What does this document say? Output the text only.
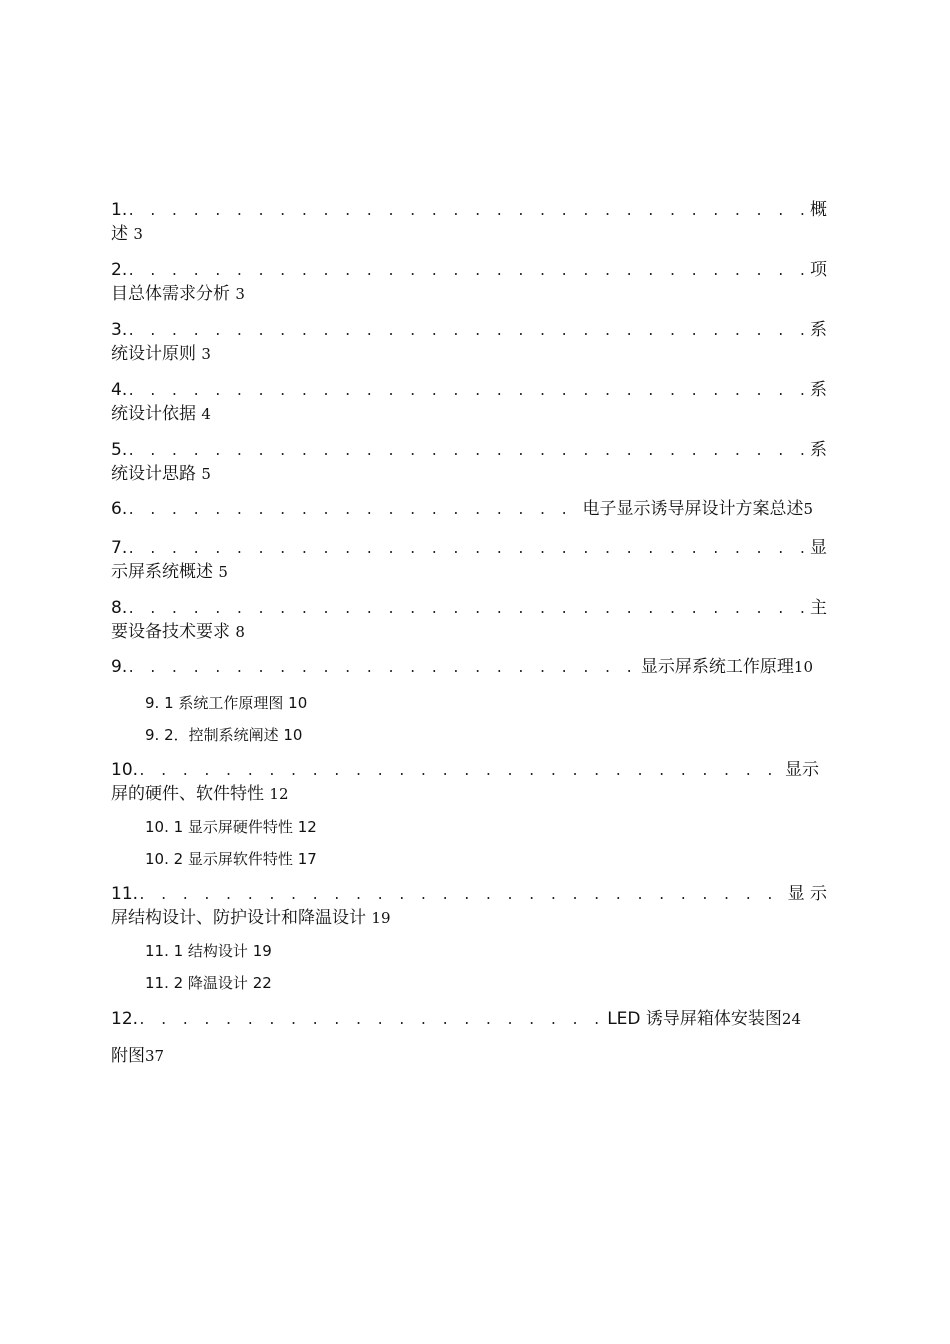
1. . . .	概
述 3
2. . . .	项
目总体需求分析 3
3. . . .	系
统设计原则 3
4. . . .	系
统设计依据 4
5. . . .	系
统设计思路 5
6. . . .	电子显示诱导屏设计方案总述5
7. . . .	显
示屏系统概述 5
8. . . .	主
要设备技术要求 8
9. . . .	显示屏系统工作原理10
9. 1 系统工作原理图 10
9. 2．控制系统阐述 10
10. . . .	显示
屏的硬件、软件特性 12
10. 1 显示屏硬件特性 12
10. 2 显示屏软件特性 17
11. . . .	显 示
屏结构设计、防护设计和降温设计 19
11. 1 结构设计 19
11. 2 降温设计 22
12. . . .	LED 诱导屏箱体安装图24
附图37
